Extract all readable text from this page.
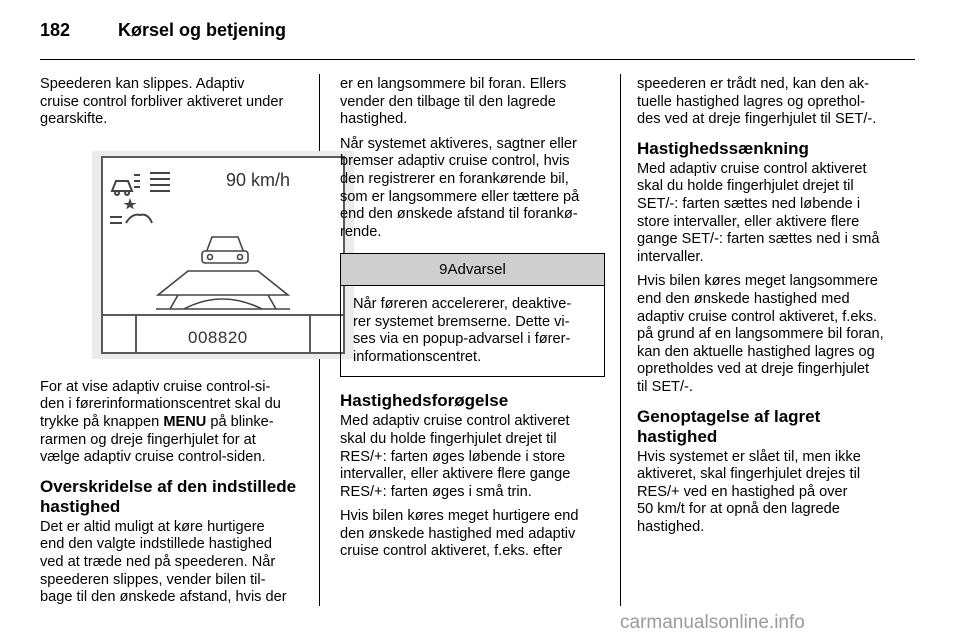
182	Kørsel og betjening

Speederen kan slippes. Adaptiv
cruise control forbliver aktiveret under
gearskifte.

90 km/h
008820

For at vise adaptiv cruise control-si-
den i førerinformationscentret skal du
trykke på knappen MENU på blinke-
rarmen og dreje fingerhjulet for at
vælge adaptiv cruise control-siden.

Overskridelse af den indstillede
hastighed

Det er altid muligt at køre hurtigere
end den valgte indstillede hastighed
ved at træde ned på speederen. Når
speederen slippes, vender bilen til-
bage til den ønskede afstand, hvis der

er en langsommere bil foran. Ellers
vender den tilbage til den lagrede
hastighed.

Når systemet aktiveres, sagtner eller
bremser adaptiv cruise control, hvis
den registrerer en forankørende bil,
som er langsommere eller tættere på
end den ønskede afstand til forankø-
rende.

9Advarsel
Når føreren accelererer, deaktive-
rer systemet bremserne. Dette vi-
ses via en popup-advarsel i fører-
informationscentret.
Hastighedsforøgelse

Med adaptiv cruise control aktiveret
skal du holde fingerhjulet drejet til
RES/+: farten øges løbende i store
intervaller, eller aktivere flere gange
RES/+: farten øges i små trin.

Hvis bilen køres meget hurtigere end
den ønskede hastighed med adaptiv
cruise control aktiveret, f.eks. efter

speederen er trådt ned, kan den ak-
tuelle hastighed lagres og oprethol-
des ved at dreje fingerhjulet til SET/-.

Hastighedssænkning

Med adaptiv cruise control aktiveret
skal du holde fingerhjulet drejet til
SET/-: farten sættes ned løbende i
store intervaller, eller aktivere flere
gange SET/-: farten sættes ned i små
intervaller.

Hvis bilen køres meget langsommere
end den ønskede hastighed med
adaptiv cruise control aktiveret, f.eks.
på grund af en langsommere bil foran,
kan den aktuelle hastighed lagres og
opretholdes ved at dreje fingerhjulet
til SET/-.

Genoptagelse af lagret
hastighed

Hvis systemet er slået til, men ikke
aktiveret, skal fingerhjulet drejes til
RES/+ ved en hastighed på over
50 km/t for at opnå den lagrede
hastighed.

carmanualsonline.info
